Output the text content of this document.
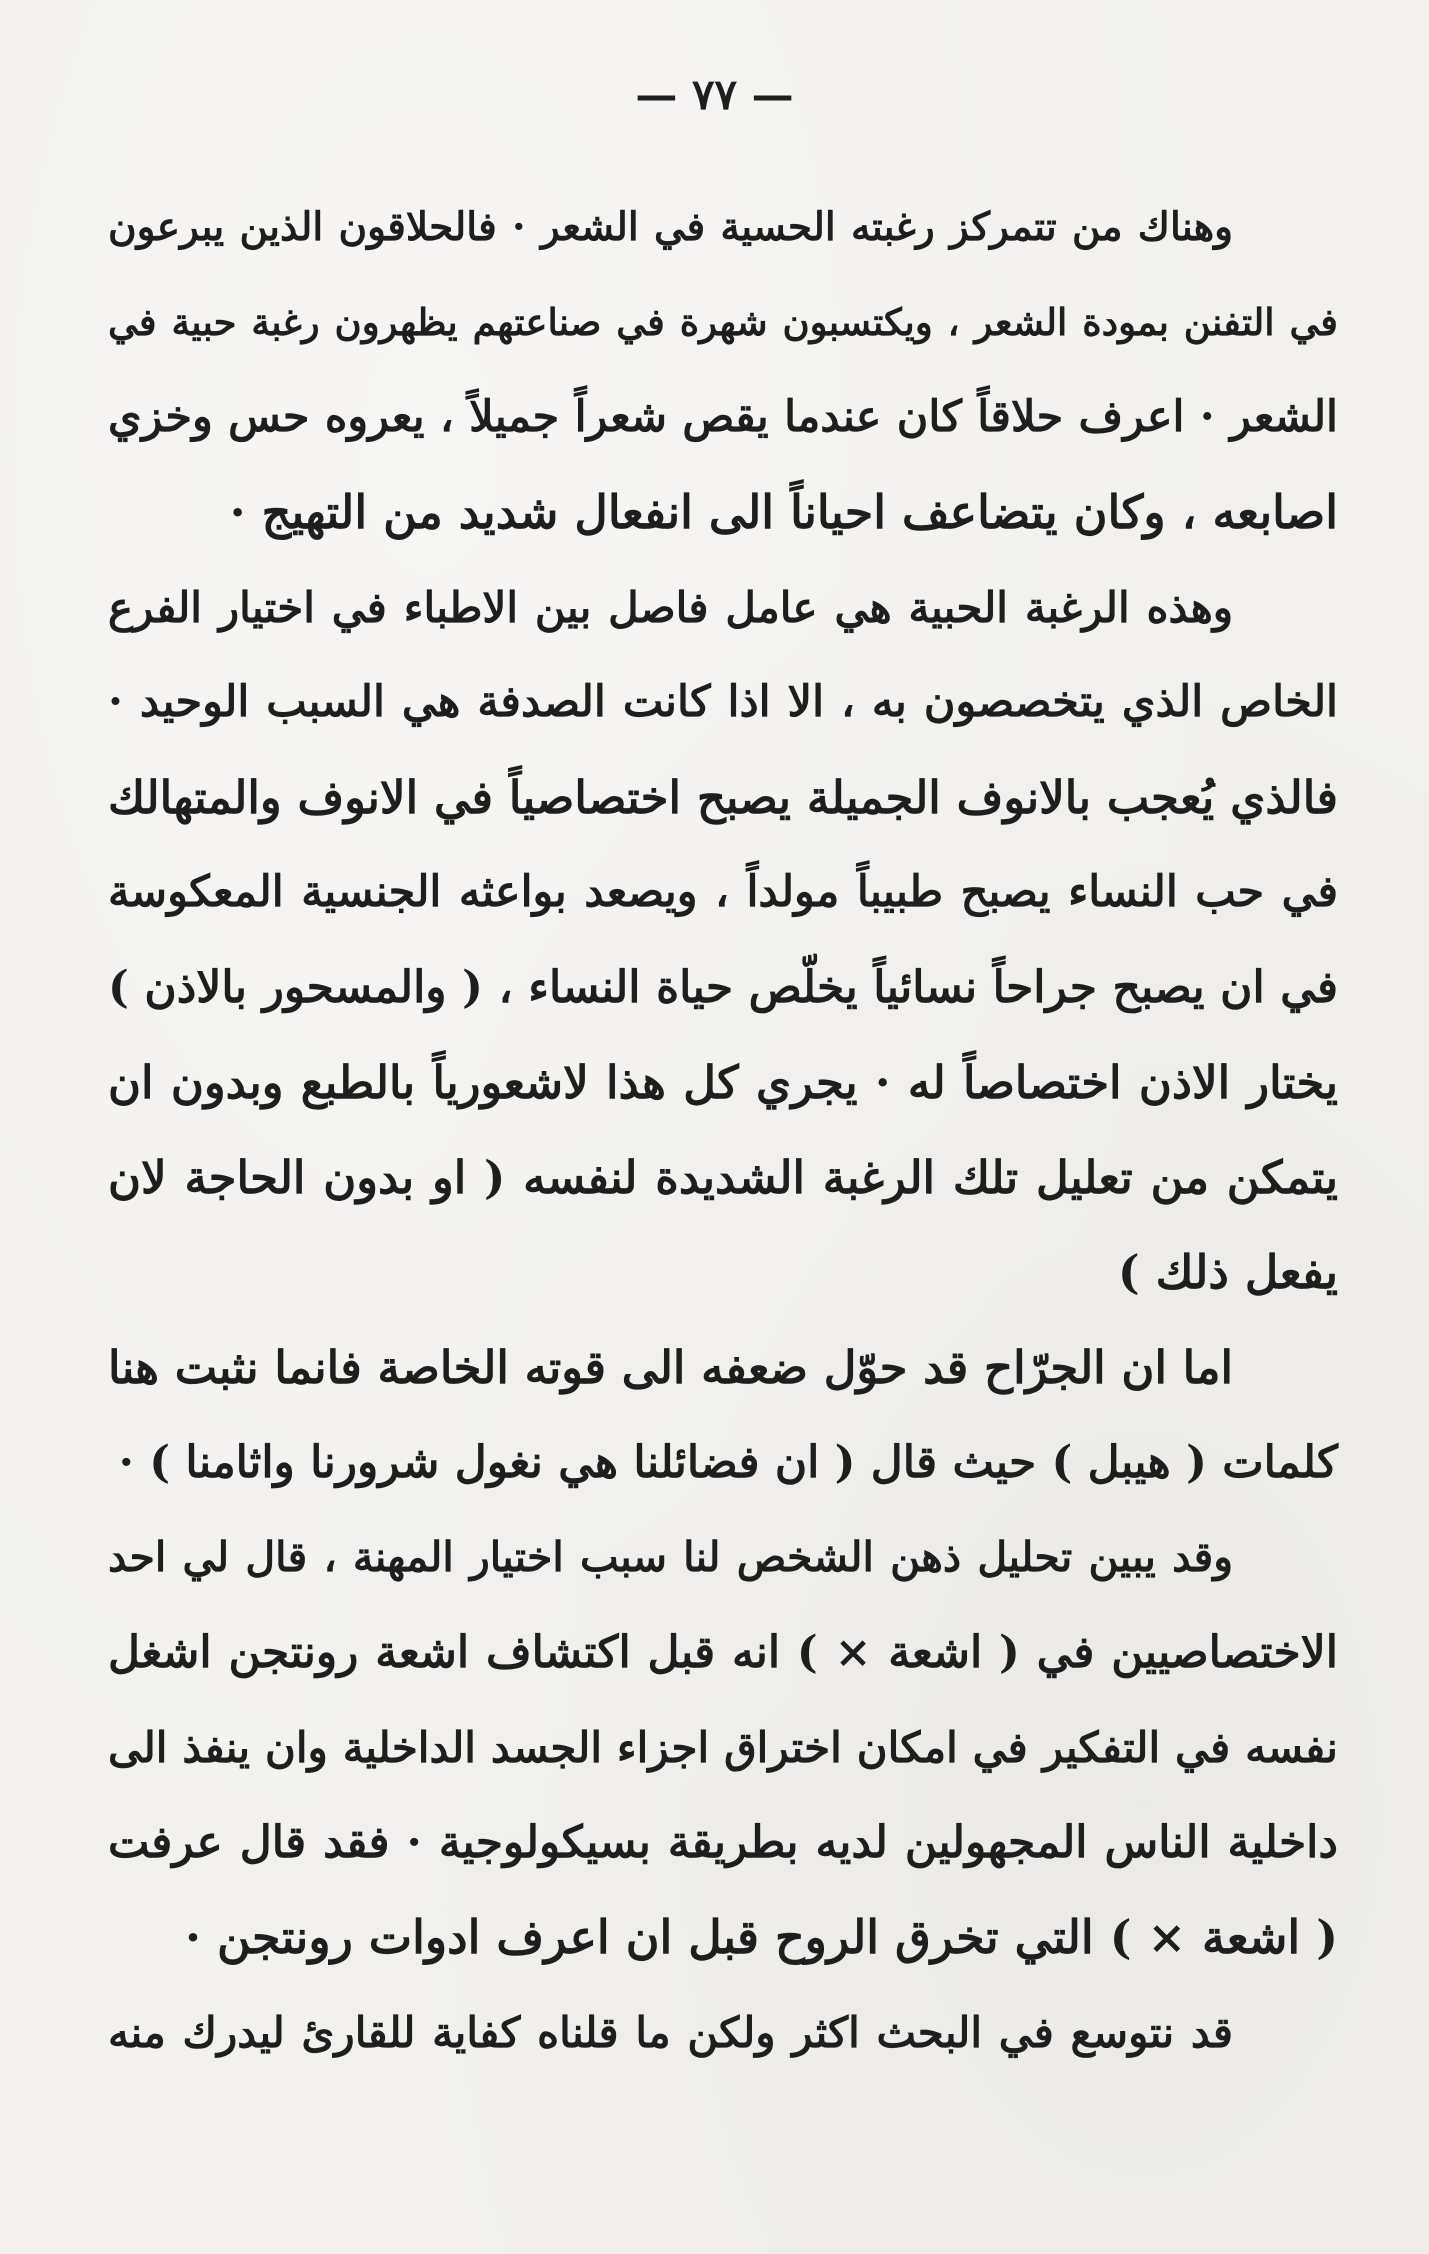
— ٧٧ —
وهناك من تتمركز رغبته الحسية في الشعر · فالحلاقون الذين يبرعون
في التفنن بمودة الشعر ، ويكتسبون شهرة في صناعتهم يظهرون رغبة حبية في
الشعر · اعرف حلاقاً كان عندما يقص شعراً جميلاً ، يعروه حس وخزي
اصابعه ، وكان يتضاعف احياناً الى انفعال شديد من التهيج ·
وهذه الرغبة الحبية هي عامل فاصل بين الاطباء في اختيار الفرع
الخاص الذي يتخصصون به ، الا اذا كانت الصدفة هي السبب الوحيد ·
فالذي يُعجب بالانوف الجميلة يصبح اختصاصياً في الانوف والمتهالك
في حب النساء يصبح طبيباً مولداً ، ويصعد بواعثه الجنسية المعكوسة
في ان يصبح جراحاً نسائياً يخلّص حياة النساء ، ( والمسحور بالاذن )
يختار الاذن اختصاصاً له · يجري كل هذا لاشعورياً بالطبع وبدون ان
يتمكن من تعليل تلك الرغبة الشديدة لنفسه ( او بدون الحاجة لان
يفعل ذلك )
اما ان الجرّاح قد حوّل ضعفه الى قوته الخاصة فانما نثبت هنا
كلمات ( هيبل ) حيث قال ( ان فضائلنا هي نغول شرورنا واثامنا ) ·
وقد يبين تحليل ذهن الشخص لنا سبب اختيار المهنة ، قال لي احد
الاختصاصيين في ( اشعة × ) انه قبل اكتشاف اشعة رونتجن اشغل
نفسه في التفكير في امكان اختراق اجزاء الجسد الداخلية وان ينفذ الى
داخلية الناس المجهولين لديه بطريقة بسيكولوجية · فقد قال عرفت
( اشعة × ) التي تخرق الروح قبل ان اعرف ادوات رونتجن ·
قد نتوسع في البحث اكثر ولكن ما قلناه كفاية للقارئ ليدرك منه
